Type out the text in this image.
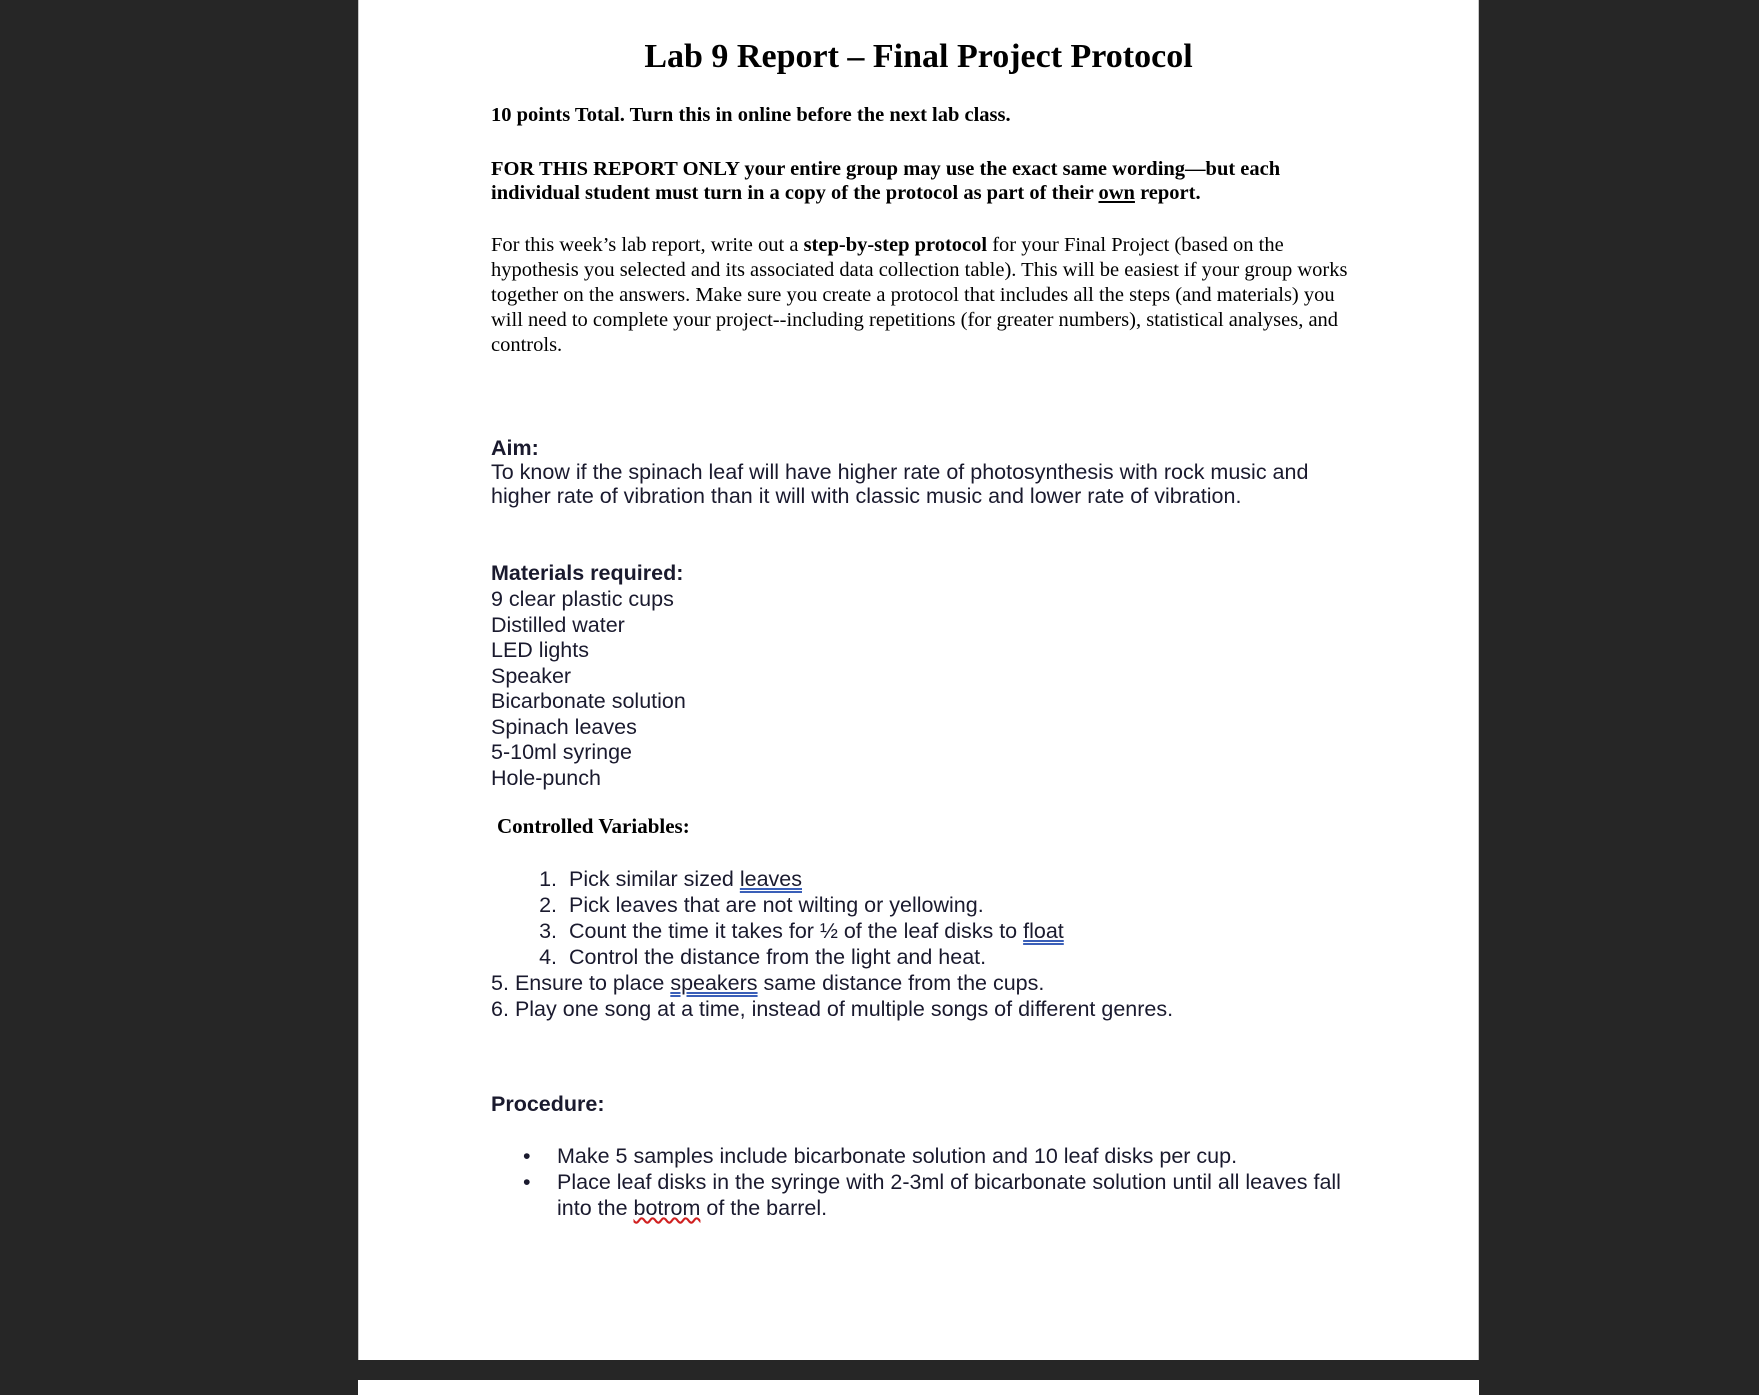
Lab 9 Report – Final Project Protocol
10 points Total. Turn this in online before the next lab class.
FOR THIS REPORT ONLY your entire group may use the exact same wording—but each individual student must turn in a copy of the protocol as part of their own report.
For this week’s lab report, write out a step-by-step protocol for your Final Project (based on the hypothesis you selected and its associated data collection table). This will be easiest if your group works together on the answers. Make sure you create a protocol that includes all the steps (and materials) you will need to complete your project--including repetitions (for greater numbers), statistical analyses, and controls.
Aim:
To know if the spinach leaf will have higher rate of photosynthesis with rock music and higher rate of vibration than it will with classic music and lower rate of vibration.
Materials required:
9 clear plastic cups
Distilled water
LED lights
Speaker
Bicarbonate solution
Spinach leaves
5-10ml syringe
Hole-punch
Controlled Variables:
1. Pick similar sized leaves
2. Pick leaves that are not wilting or yellowing.
3. Count the time it takes for ½ of the leaf disks to float
4. Control the distance from the light and heat.
5. Ensure to place speakers same distance from the cups.
6. Play one song at a time, instead of multiple songs of different genres.
Procedure:
• Make 5 samples include bicarbonate solution and 10 leaf disks per cup.
• Place leaf disks in the syringe with 2-3ml of bicarbonate solution until all leaves fall into the botrom of the barrel.
